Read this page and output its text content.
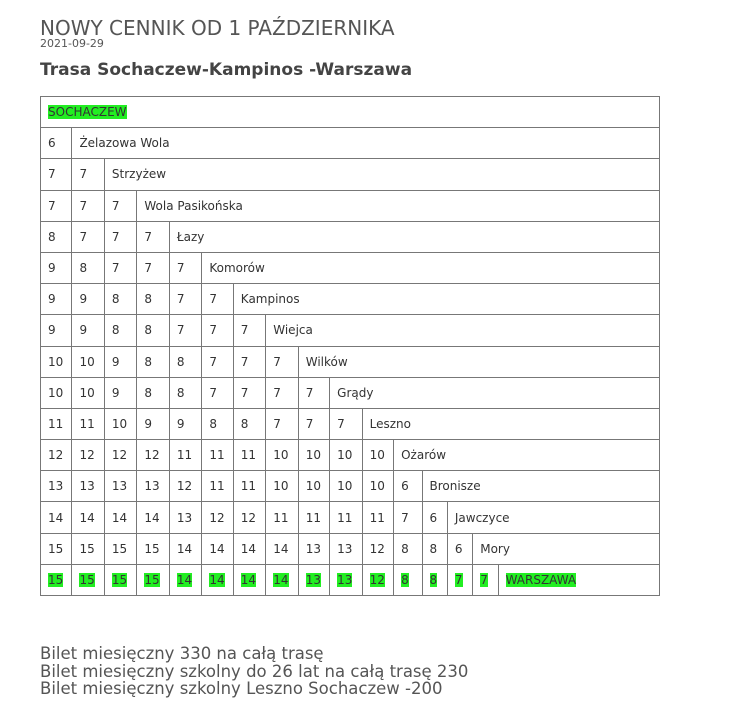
NOWY CENNIK OD 1 PAŹDZIERNIKA
2021-09-29
Trasa Sochaczew-Kampinos -Warszawa
SOCHACZEW															
6	Żelazowa Wola														
7	7	Strzyżew													
7	7	7	Wola Pasikońska												
8	7	7	7	Łazy											
9	8	7	7	7	Komorów										
9	9	8	8	7	7	Kampinos									
9	9	8	8	7	7	7	Wiejca								
10	10	9	8	8	7	7	7	Wilków							
10	10	9	8	8	7	7	7	7	Grądy						
11	11	10	9	9	8	8	7	7	7	Leszno					
12	12	12	12	11	11	11	10	10	10	10	Ożarów				
13	13	13	13	12	11	11	10	10	10	10	6	Bronisze			
14	14	14	14	13	12	12	11	11	11	11	7	6	Jawczyce		
15	15	15	15	14	14	14	14	13	13	12	8	8	6	Mory	
15	15	15	15	14	14	14	14	13	13	12	8	8	7	7	WARSZAWA
Bilet miesięczny 330 na całą trasę
Bilet miesięczny szkolny do 26 lat na całą trasę 230
Bilet miesięczny szkolny Leszno Sochaczew -200
